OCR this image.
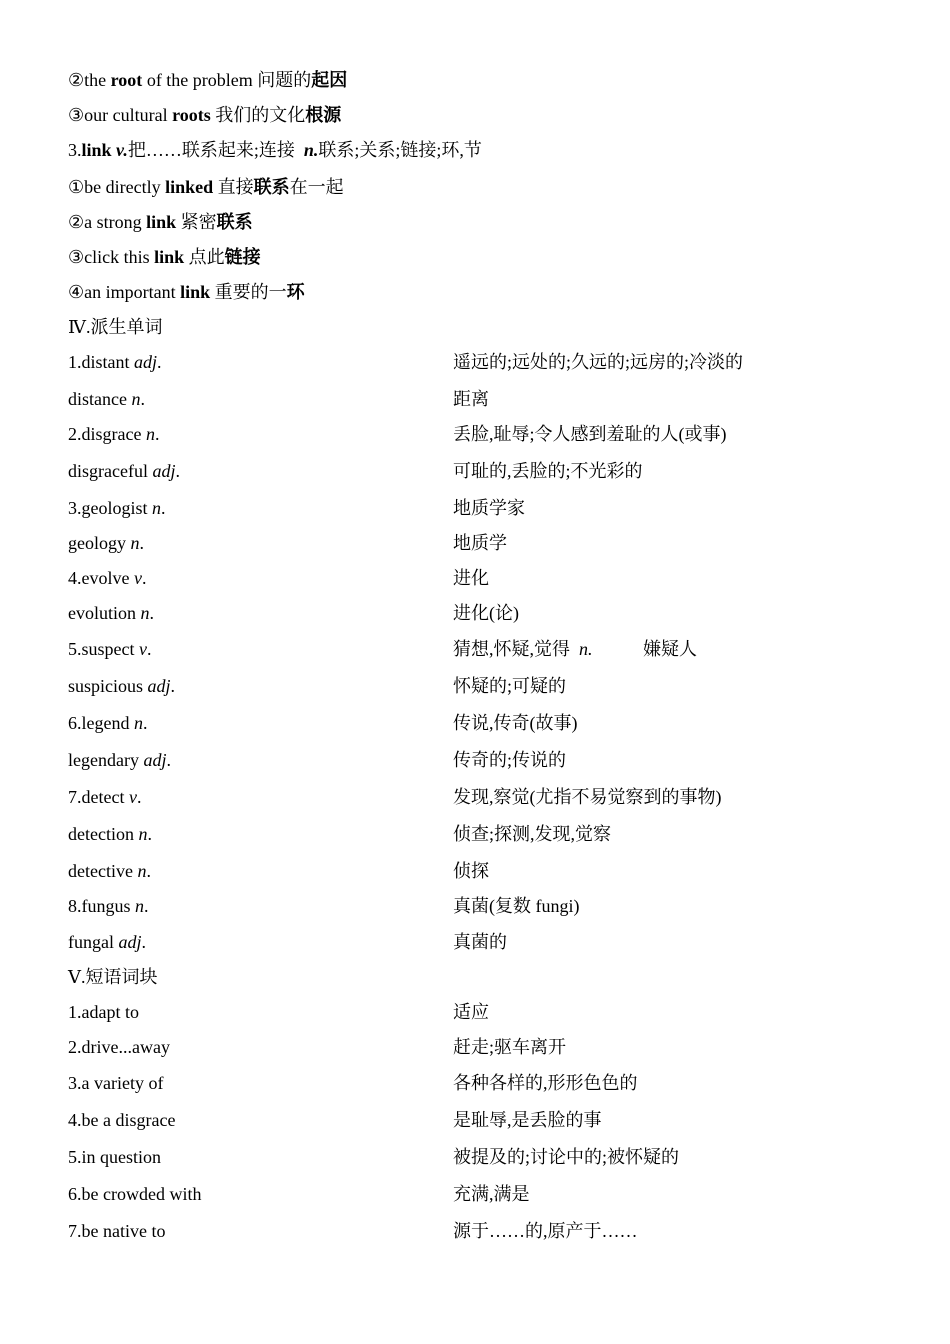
②the root of the problem 问题的起因
③our cultural roots 我们的文化根源
3.link v.把……联系起来;连接 n.联系;关系;链接;环,节
①be directly linked 直接联系在一起
②a strong link 紧密联系
③click this link 点此链接
④an important link 重要的一环
Ⅳ.派生单词
1.distant adj.	遥远的;远处的;久远的;远房的;冷淡的
distance n.	距离
2.disgrace n.	丢脸,耻辱;令人感到羞耻的人(或事)
disgraceful adj.	可耻的,丢脸的;不光彩的
3.geologist n.	地质学家
geology n.	地质学
4.evolve v.	进化
evolution n.	进化(论)
5.suspect v.	猜想,怀疑,觉得 n.	嫌疑人
suspicious adj.	怀疑的;可疑的
6.legend n.	传说,传奇(故事)
legendary adj.	传奇的;传说的
7.detect v.	发现,察觉(尤指不易觉察到的事物)
detection n.	侦查;探测,发现,觉察
detective n.	侦探
8.fungus n.	真菌(复数 fungi)
fungal adj.	真菌的
Ⅴ.短语词块
1.adapt to	适应
2.drive...away	赶走;驱车离开
3.a variety of	各种各样的,形形色色的
4.be a disgrace	是耻辱,是丢脸的事
5.in question	被提及的;讨论中的;被怀疑的
6.be crowded with	充满,满是
7.be native to	源于……的,原产于……
